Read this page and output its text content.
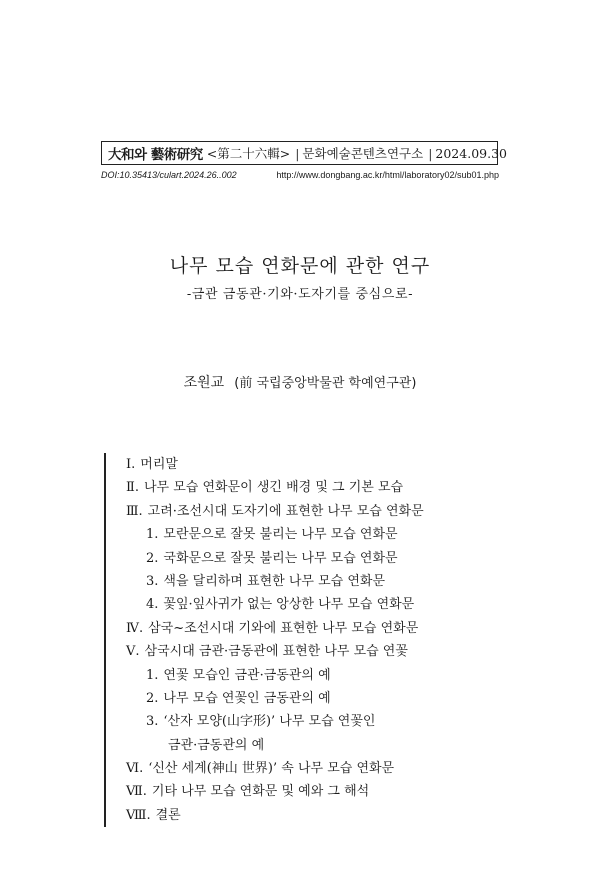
大和와 藝術研究 <第二十六輯> | 문화예술콘텐츠연구소 | 2024.09.30
DOI:10.35413/culart.2024.26..002	http://www.dongbang.ac.kr/html/laboratory02/sub01.php
나무 모습 연화문에 관한 연구
-금관 금동관·기와·도자기를 중심으로-
조원교 (前 국립중앙박물관 학예연구관)
Ⅰ. 머리말
Ⅱ. 나무 모습 연화문이 생긴 배경 및 그 기본 모습
Ⅲ. 고려·조선시대 도자기에 표현한 나무 모습 연화문
1. 모란문으로 잘못 불리는 나무 모습 연화문
2. 국화문으로 잘못 불리는 나무 모습 연화문
3. 색을 달리하며 표현한 나무 모습 연화문
4. 꽃잎·잎사귀가 없는 앙상한 나무 모습 연화문
Ⅳ. 삼국~조선시대 기와에 표현한 나무 모습 연화문
Ⅴ. 삼국시대 금관·금동관에 표현한 나무 모습 연꽃
1. 연꽃 모습인 금관·금동관의 예
2. 나무 모습 연꽃인 금동관의 예
3. ‘산자 모양(山字形)’ 나무 모습 연꽃인
금관·금동관의 예
Ⅵ. ‘신산 세계(神山 世界)’ 속 나무 모습 연화문
Ⅶ. 기타 나무 모습 연화문 및 예와 그 해석
Ⅷ. 결론
